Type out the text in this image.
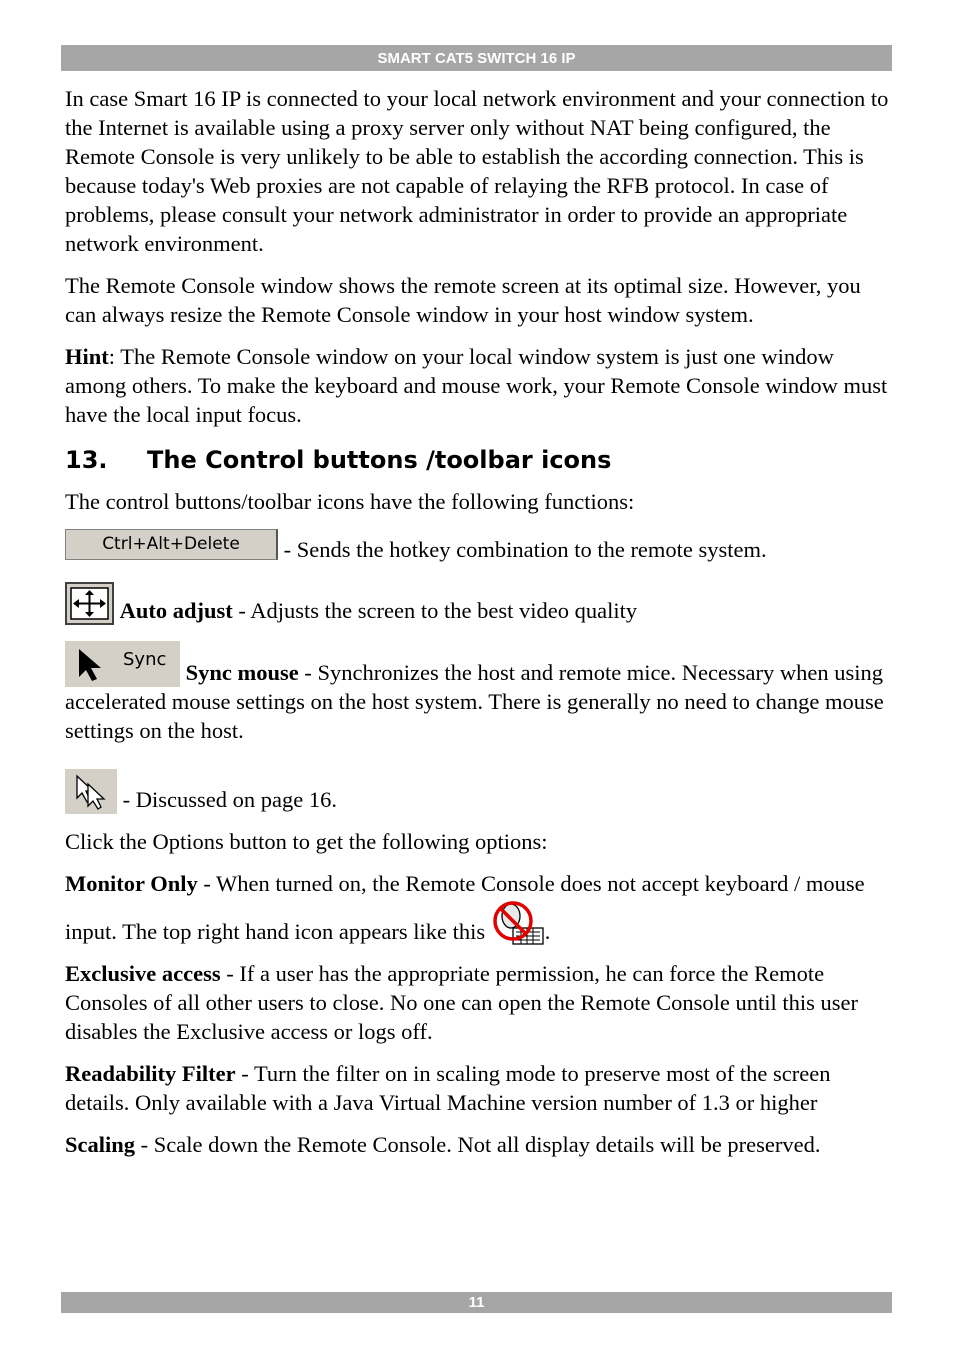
SMART CAT5 SWITCH 16 IP

In case Smart 16 IP is connected to your local network environment and your connection to the Internet is available using a proxy server only without NAT being configured, the Remote Console is very unlikely to be able to establish the according connection. This is because today's Web proxies are not capable of relaying the RFB protocol. In case of problems, please consult your network administrator in order to provide an appropriate network environment.

The Remote Console window shows the remote screen at its optimal size. However, you can always resize the Remote Console window in your host window system.

Hint: The Remote Console window on your local window system is just one window among others. To make the keyboard and mouse work, your Remote Console window must have the local input focus.

13. The Control buttons /toolbar icons

The control buttons/toolbar icons have the following functions:

Ctrl+Alt+Delete - Sends the hotkey combination to the remote system.
Auto adjust - Adjusts the screen to the best video quality

Sync
Sync mouse - Synchronizes the host and remote mice. Necessary when using accelerated mouse settings on the host system. There is generally no need to change mouse settings on the host.

- Discussed on page 16.

Click the Options button to get the following options:

Monitor Only - When turned on, the Remote Console does not accept keyboard / mouse input. The top right hand icon appears like this .

Exclusive access - If a user has the appropriate permission, he can force the Remote Consoles of all other users to close. No one can open the Remote Console until this user disables the Exclusive access or logs off.

Readability Filter - Turn the filter on in scaling mode to preserve most of the screen details. Only available with a Java Virtual Machine version number of 1.3 or higher

Scaling - Scale down the Remote Console. Not all display details will be preserved.

11
